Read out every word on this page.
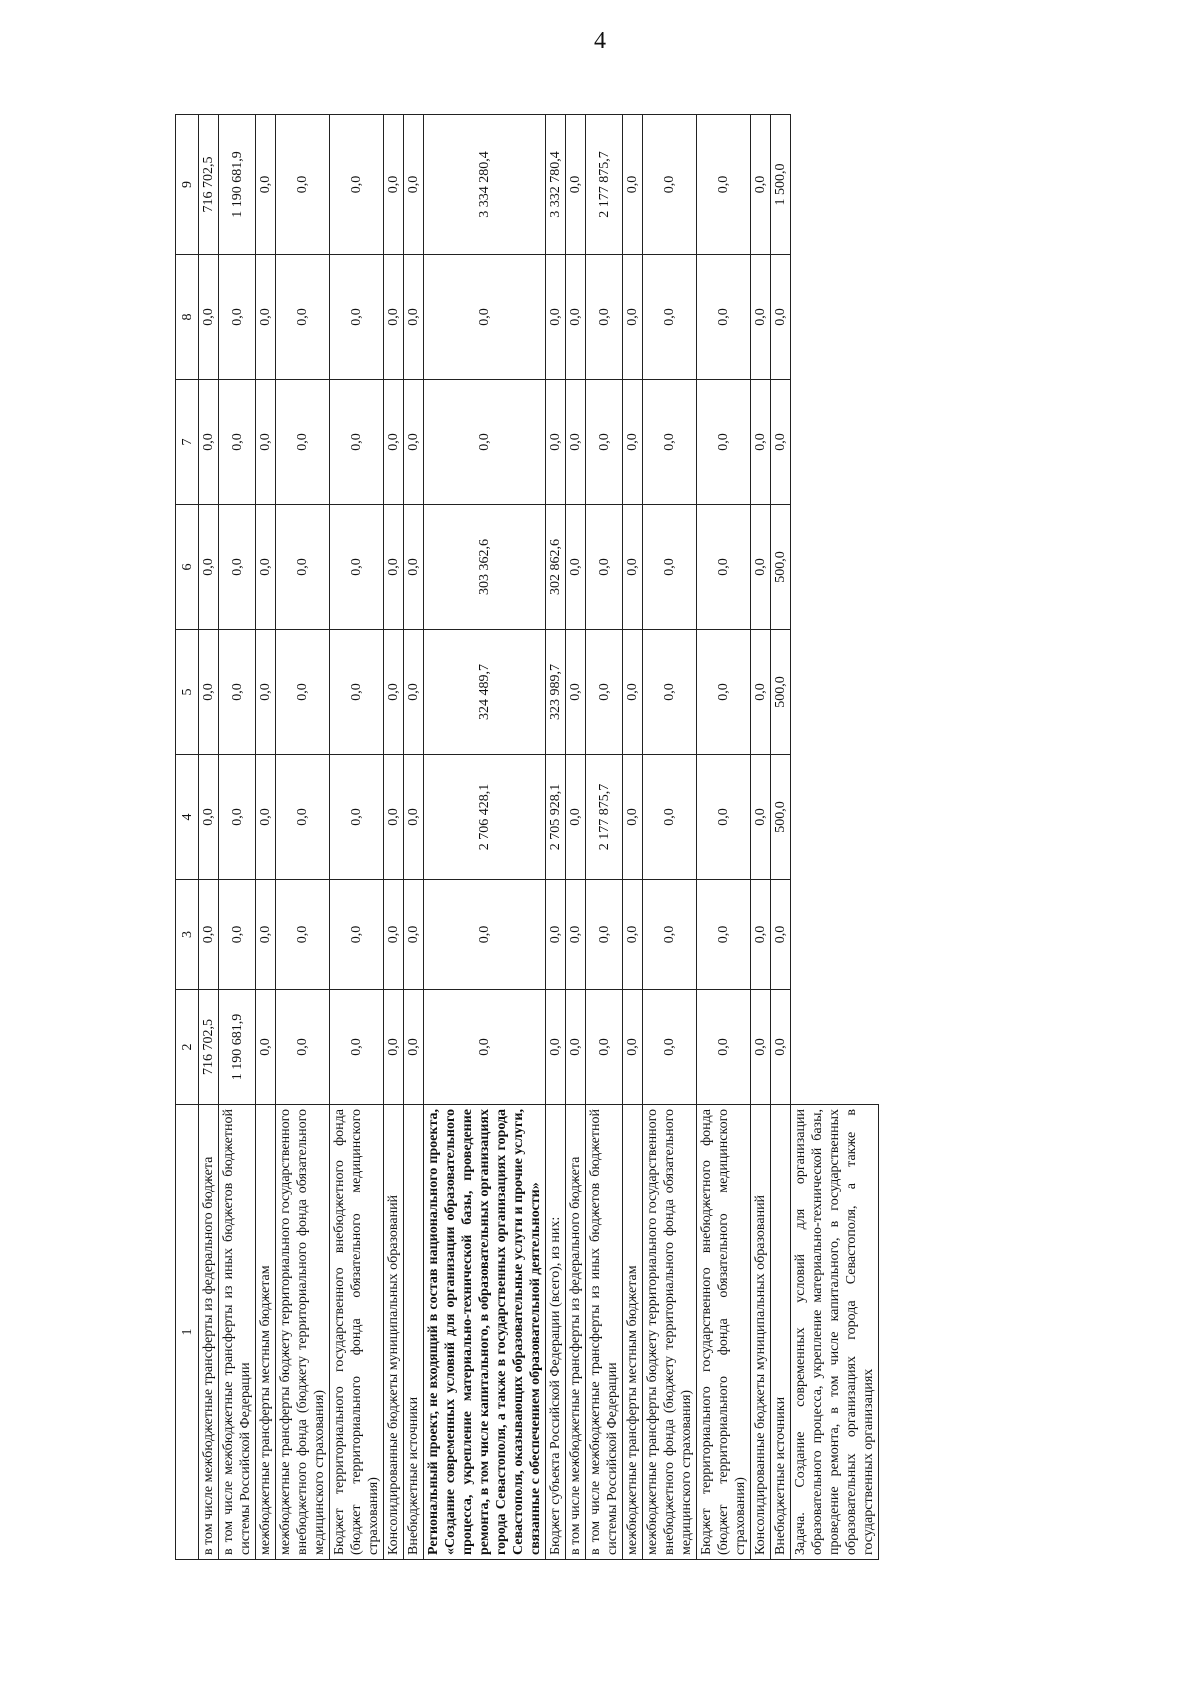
4
1	2	3	4	5	6	7	8	9
в том числе межбюджетные трансферты из федерального бюджета	716 702,5	0,0	0,0	0,0	0,0	0,0	0,0	716 702,5
в том числе межбюджетные трансферты из иных бюджетов бюджетной системы Российской Федерации	1 190 681,9	0,0	0,0	0,0	0,0	0,0	0,0	1 190 681,9
межбюджетные трансферты местным бюджетам	0,0	0,0	0,0	0,0	0,0	0,0	0,0	0,0
межбюджетные трансферты бюджету территориального государственного внебюджетного фонда (бюджету территориального фонда обязательного медицинского страхования)	0,0	0,0	0,0	0,0	0,0	0,0	0,0	0,0
Бюджет территориального государственного внебюджетного фонда (бюджет территориального фонда обязательного медицинского страхования)	0,0	0,0	0,0	0,0	0,0	0,0	0,0	0,0
Консолидированные бюджеты муниципальных образований	0,0	0,0	0,0	0,0	0,0	0,0	0,0	0,0
Внебюджетные источники	0,0	0,0	0,0	0,0	0,0	0,0	0,0	0,0
Региональный проект, не входящий в состав национального проекта, «Создание современных условий для организации образовательного процесса, укрепление материально-технической базы, проведение ремонта, в том числе капитального, в образовательных организациях города Севастополя, а также в государственных организациях города Севастополя, оказывающих образовательные услуги и прочие услуги, связанные с обеспечением образовательной деятельности»	0,0	0,0	2 706 428,1	324 489,7	303 362,6	0,0	0,0	3 334 280,4
Бюджет субъекта Российской Федерации (всего), из них:	0,0	0,0	2 705 928,1	323 989,7	302 862,6	0,0	0,0	3 332 780,4
в том числе межбюджетные трансферты из федерального бюджета	0,0	0,0	0,0	0,0	0,0	0,0	0,0	0,0
в том числе межбюджетные трансферты из иных бюджетов бюджетной системы Российской Федерации	0,0	0,0	2 177 875,7	0,0	0,0	0,0	0,0	2 177 875,7
межбюджетные трансферты местным бюджетам	0,0	0,0	0,0	0,0	0,0	0,0	0,0	0,0
межбюджетные трансферты бюджету территориального государственного внебюджетного фонда (бюджету территориального фонда обязательного медицинского страхования)	0,0	0,0	0,0	0,0	0,0	0,0	0,0	0,0
Бюджет территориального государственного внебюджетного фонда (бюджет территориального фонда обязательного медицинского страхования)	0,0	0,0	0,0	0,0	0,0	0,0	0,0	0,0
Консолидированные бюджеты муниципальных образований	0,0	0,0	0,0	0,0	0,0	0,0	0,0	0,0
Внебюджетные источники	0,0	0,0	500,0	500,0	500,0	0,0	0,0	1 500,0
Задача. Создание современных условий для организации образовательного процесса, укрепление материально-технической базы, проведение ремонта, в том числе капитального, в государственных образовательных организациях города Севастополя, а также в государственных организациях								
